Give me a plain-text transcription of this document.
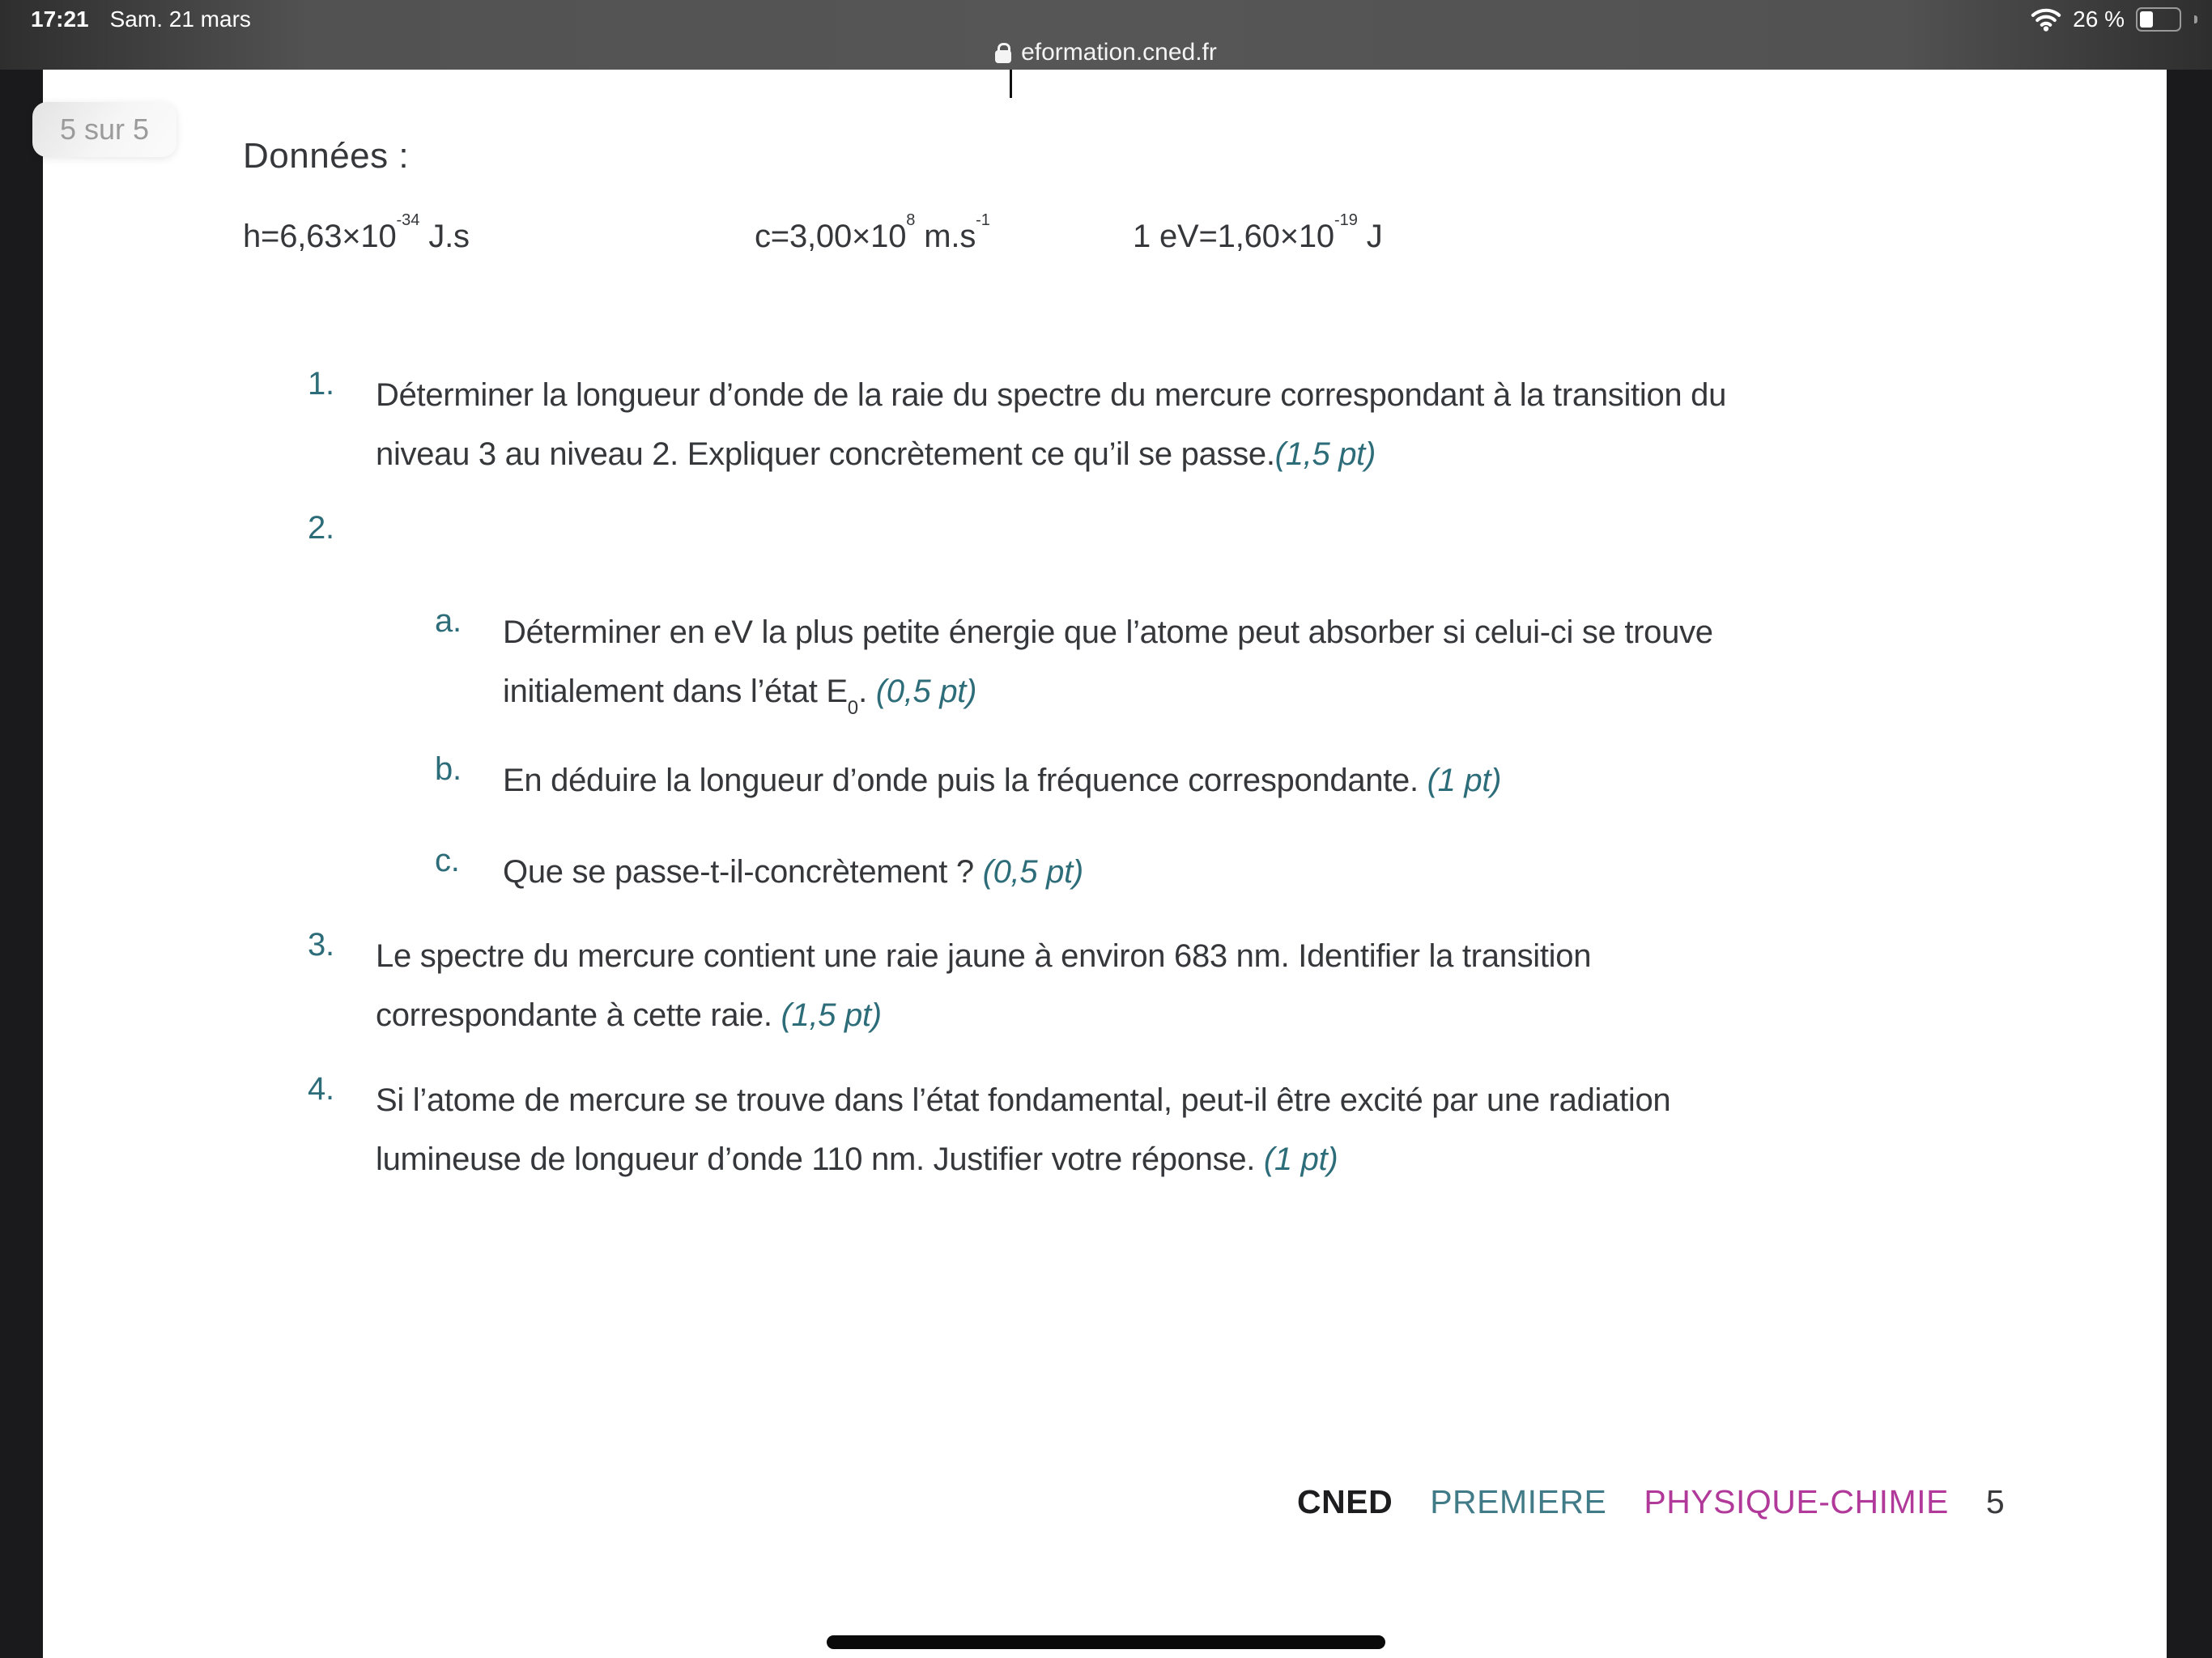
17:21 Sam. 21 mars	26 %
eformation.cned.fr
5 sur 5
Données :
$h=6,63\times 10^{-34}$ J.s	$c=3,00\times 10^8$ $m.s^{-1}$	1 $eV=1,60\times 10^{-19}$ J
1.	Déterminer la longueur d’onde de la raie du spectre du mercure correspondant à la transition du
niveau 3 au niveau 2. Expliquer concrètement ce qu’il se passe.(1,5 pt)
2.
a.	Déterminer en eV la plus petite énergie que l’atome peut absorber si celui-ci se trouve
initialement dans l’état $E_0$. (0,5 pt)
b.	En déduire la longueur d’onde puis la fréquence correspondante. (1 pt)
c.	Que se passe-t-il-concrètement ? (0,5 pt)
3.	Le spectre du mercure contient une raie jaune à environ 683 nm. Identifier la transition
correspondante à cette raie. (1,5 pt)
4.	Si l’atome de mercure se trouve dans l’état fondamental, peut-il être excité par une radiation
lumineuse de longueur d’onde 110 nm. Justifier votre réponse. (1 pt)
CNED PREMIERE PHYSIQUE-CHIMIE 5
